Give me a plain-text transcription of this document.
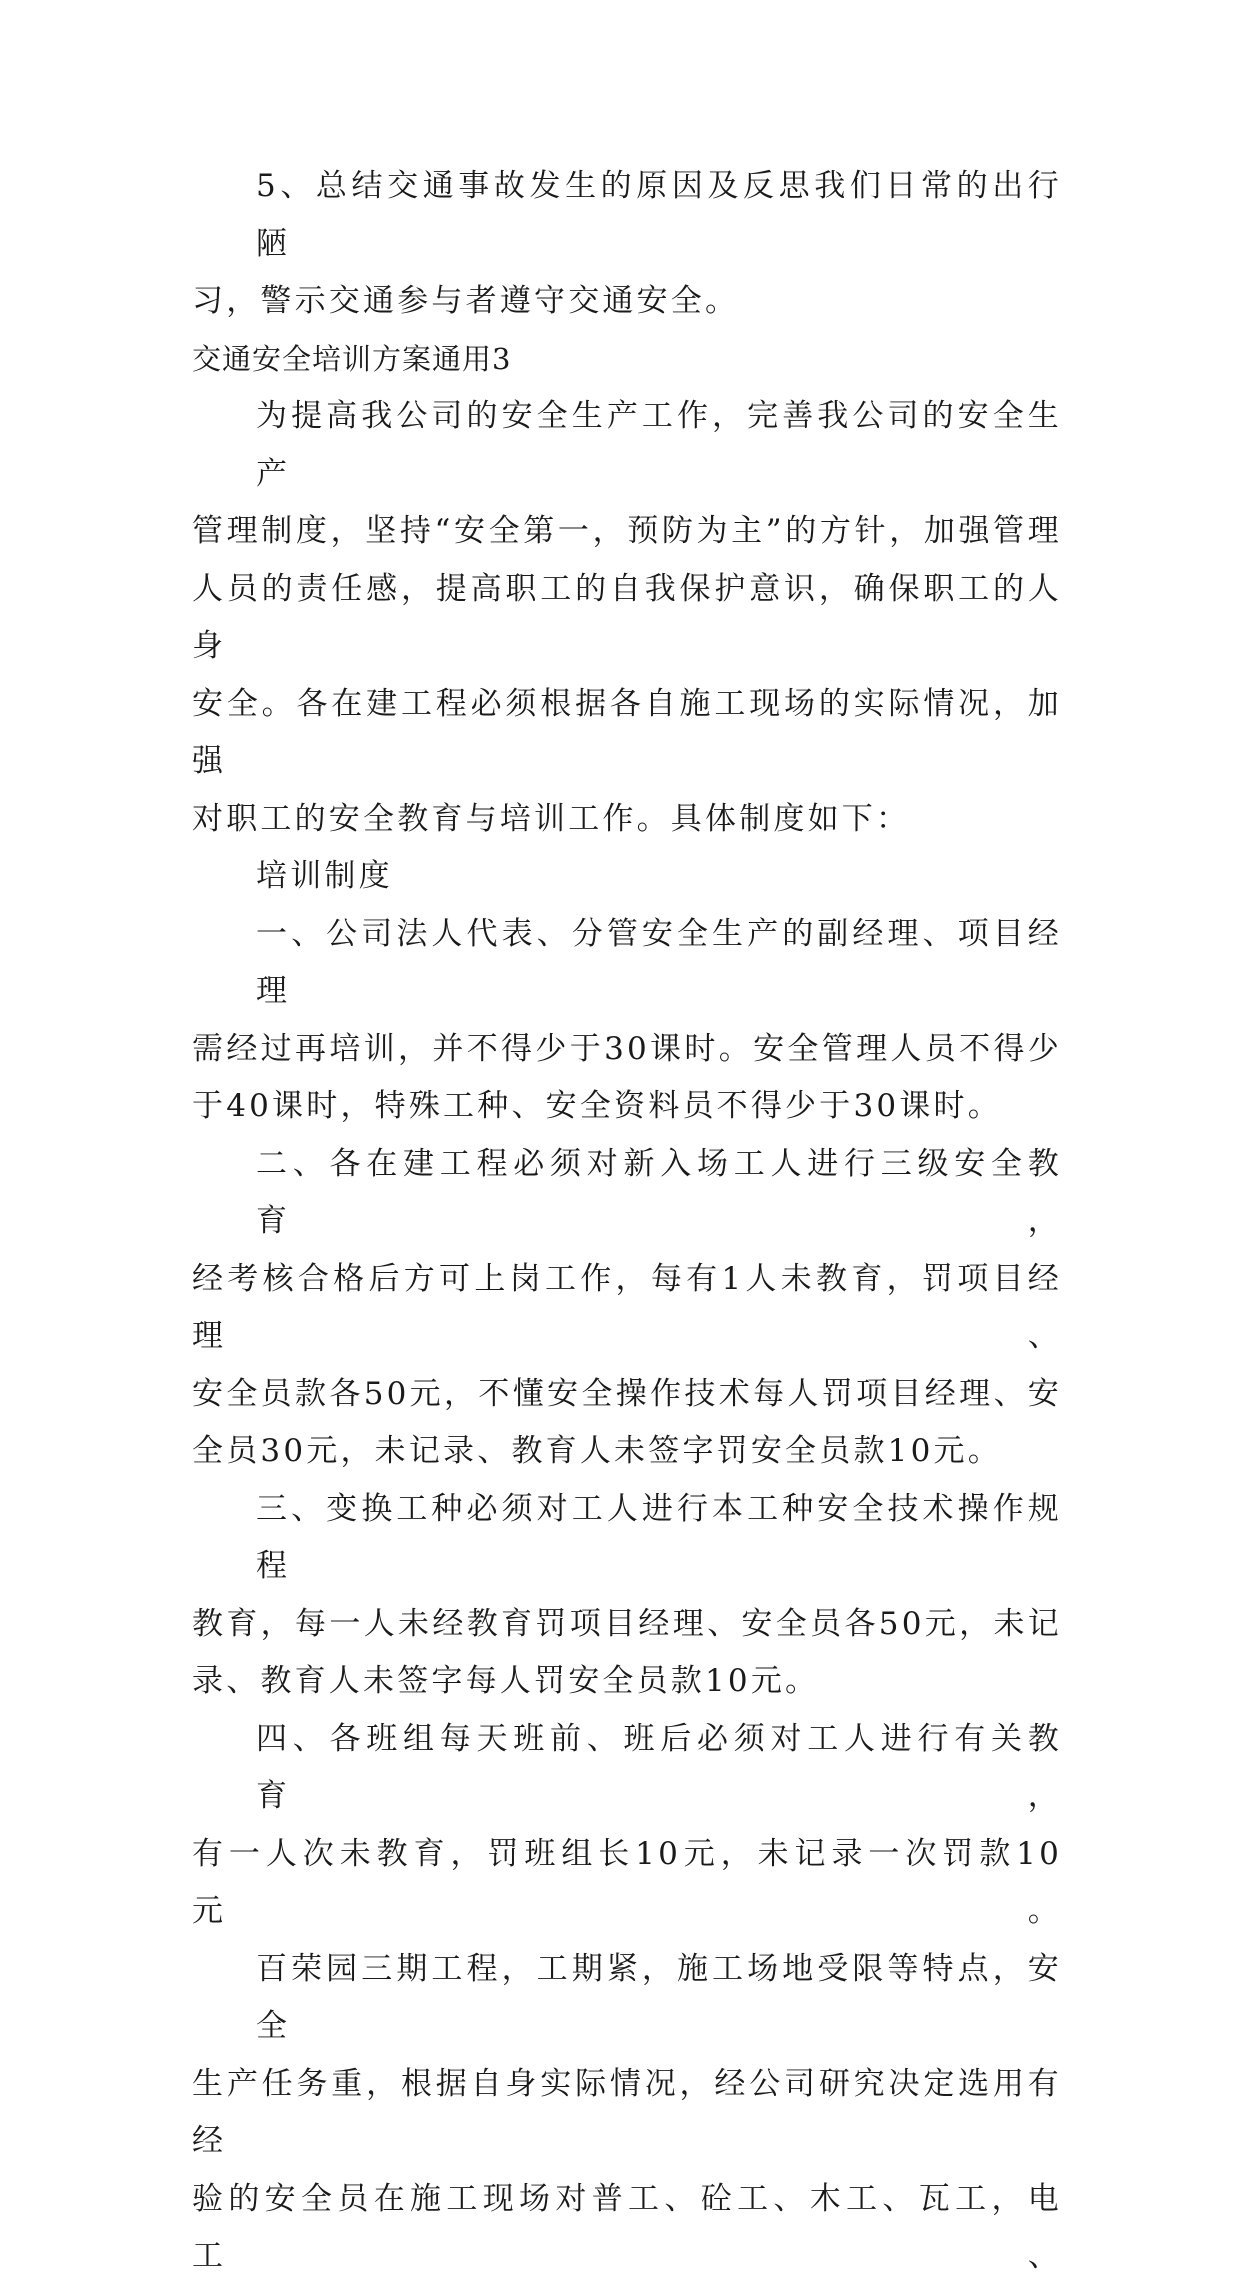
5、总结交通事故发生的原因及反思我们日常的出行陋
习，警示交通参与者遵守交通安全。

交通安全培训方案通用3

为提高我公司的安全生产工作，完善我公司的安全生产
管理制度，坚持“安全第一，预防为主”的方针，加强管理
人员的责任感，提高职工的自我保护意识，确保职工的人身
安全。各在建工程必须根据各自施工现场的实际情况，加强
对职工的安全教育与培训工作。具体制度如下：

培训制度

一、公司法人代表、分管安全生产的副经理、项目经理
需经过再培训，并不得少于30课时。安全管理人员不得少
于40课时，特殊工种、安全资料员不得少于30课时。

二、各在建工程必须对新入场工人进行三级安全教育，
经考核合格后方可上岗工作，每有1人未教育，罚项目经理、
安全员款各50元，不懂安全操作技术每人罚项目经理、安
全员30元，未记录、教育人未签字罚安全员款10元。

三、变换工种必须对工人进行本工种安全技术操作规程
教育，每一人未经教育罚项目经理、安全员各50元，未记
录、教育人未签字每人罚安全员款10元。

四、各班组每天班前、班后必须对工人进行有关教育，
有一人次未教育，罚班组长10元，未记录一次罚款10元。

百荣园三期工程，工期紧，施工场地受限等特点，安全
生产任务重，根据自身实际情况，经公司研究决定选用有经
验的安全员在施工现场对普工、砼工、木工、瓦工，电工、
